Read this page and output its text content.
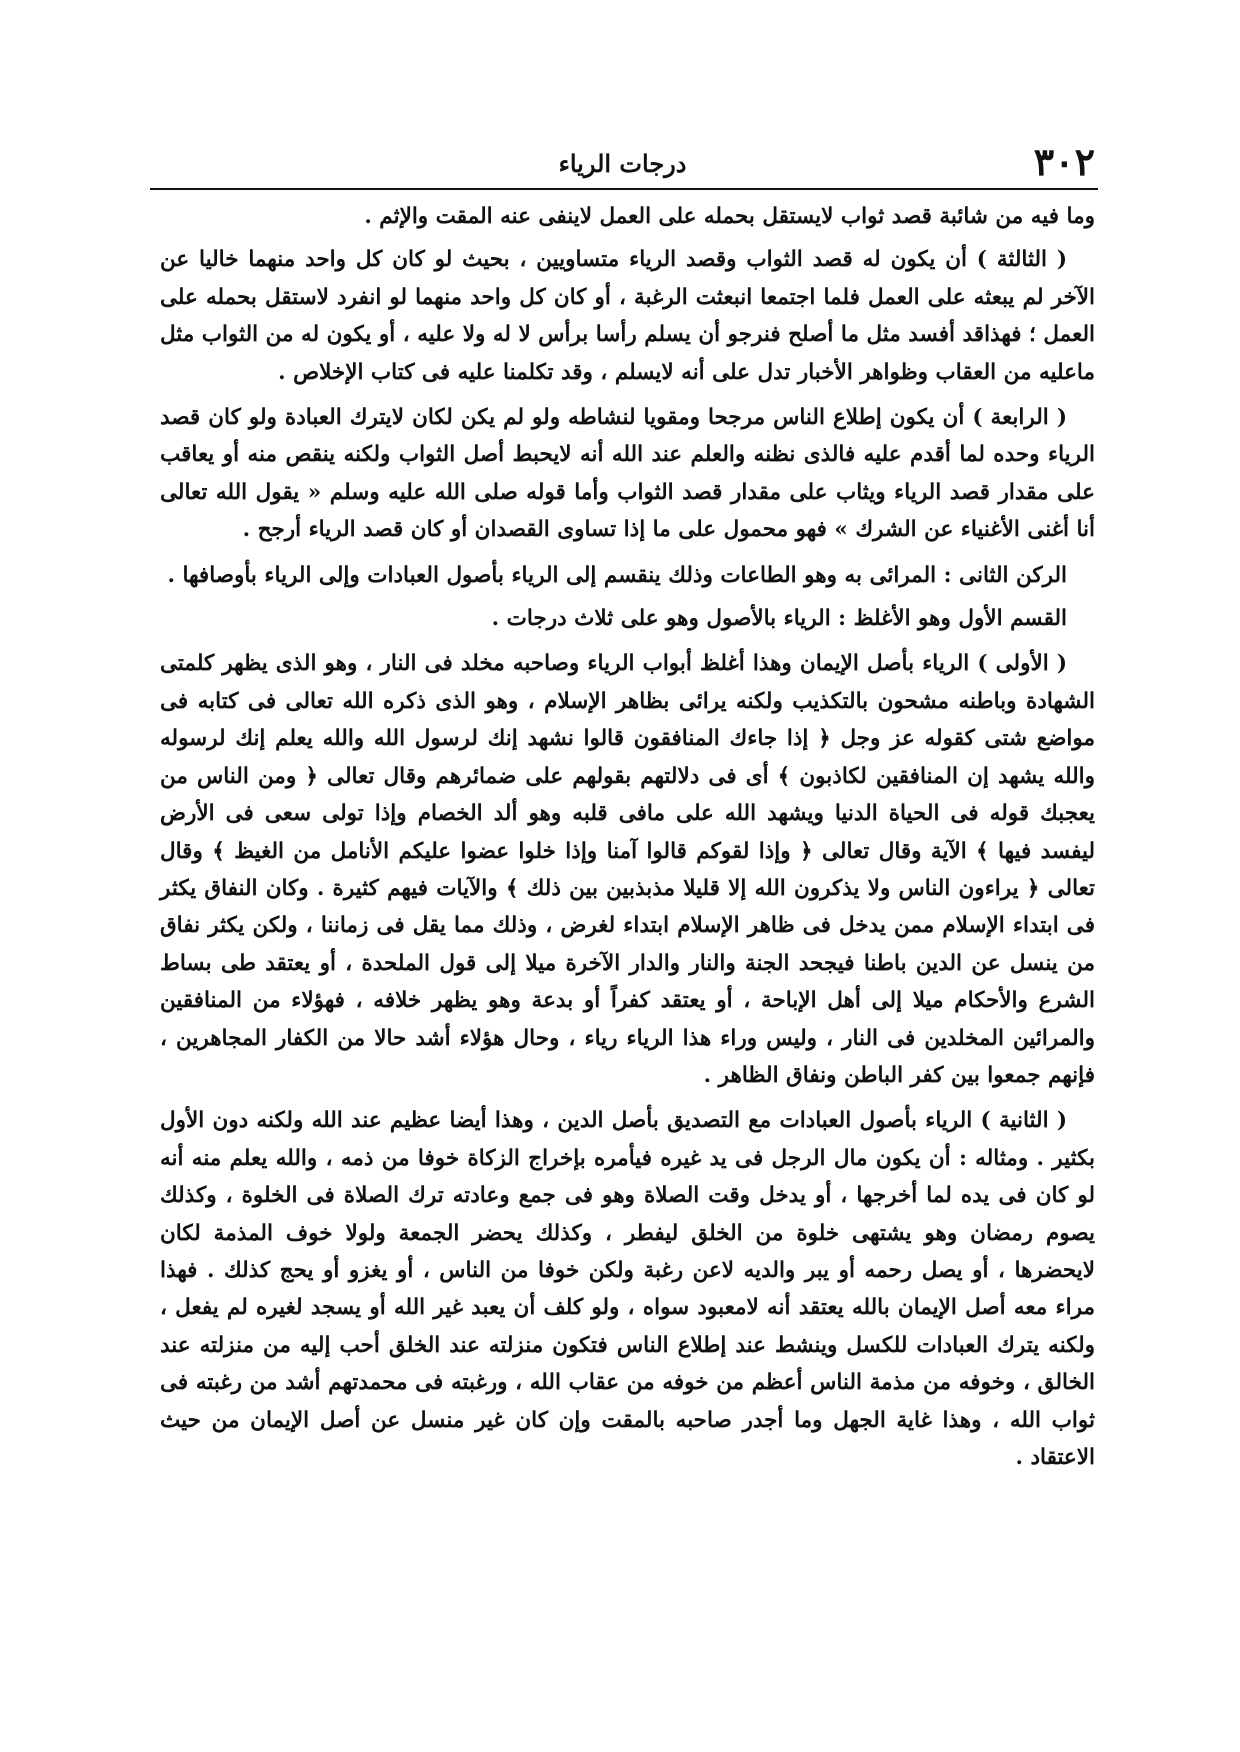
٣٠٢
درجات الرياء

وما فيه من شائبة قصد ثواب لايستقل بحمله على العمل لاينفى عنه المقت والإثم .

( الثالثة ) أن يكون له قصد الثواب وقصد الرياء متساويين ، بحيث لو كان كل واحد منهما خاليا عن الآخر لم يبعثه على العمل فلما اجتمعا انبعثت الرغبة ، أو كان كل واحد منهما لو انفرد لاستقل بحمله على العمل ؛ فهذاقد أفسد مثل ما أصلح فنرجو أن يسلم رأسا برأس لا له ولا عليه ، أو يكون له من الثواب مثل ماعليه من العقاب وظواهر الأخبار تدل على أنه لايسلم ، وقد تكلمنا عليه فى كتاب الإخلاص .

( الرابعة ) أن يكون إطلاع الناس مرجحا ومقويا لنشاطه ولو لم يكن لكان لايترك العبادة ولو كان قصد الرياء وحده لما أقدم عليه فالذى نظنه والعلم عند الله أنه لايحبط أصل الثواب ولكنه ينقص منه أو يعاقب على مقدار قصد الرياء ويثاب على مقدار قصد الثواب وأما قوله صلى الله عليه وسلم « يقول الله تعالى أنا أغنى الأغنياء عن الشرك » فهو محمول على ما إذا تساوى القصدان أو كان قصد الرياء أرجح .

الركن الثانى : المرائى به وهو الطاعات وذلك ينقسم إلى الرياء بأصول العبادات وإلى الرياء بأوصافها .

القسم الأول وهو الأغلظ : الرياء بالأصول وهو على ثلاث درجات .

( الأولى ) الرياء بأصل الإيمان وهذا أغلظ أبواب الرياء وصاحبه مخلد فى النار ، وهو الذى يظهر كلمتى الشهادة وباطنه مشحون بالتكذيب ولكنه يرائى بظاهر الإسلام ، وهو الذى ذكره الله تعالى فى كتابه فى مواضع شتى كقوله عز وجل ﴿ إذا جاءك المنافقون قالوا نشهد إنك لرسول الله والله يعلم إنك لرسوله والله يشهد إن المنافقين لكاذبون ﴾ أى فى دلالتهم بقولهم على ضمائرهم وقال تعالى ﴿ ومن الناس من يعجبك قوله فى الحياة الدنيا ويشهد الله على مافى قلبه وهو ألد الخصام وإذا تولى سعى فى الأرض ليفسد فيها ﴾ الآية وقال تعالى ﴿ وإذا لقوكم قالوا آمنا وإذا خلوا عضوا عليكم الأنامل من الغيظ ﴾ وقال تعالى ﴿ يراءون الناس ولا يذكرون الله إلا قليلا مذبذبين بين ذلك ﴾ والآيات فيهم كثيرة . وكان النفاق يكثر فى ابتداء الإسلام ممن يدخل فى ظاهر الإسلام ابتداء لغرض ، وذلك مما يقل فى زماننا ، ولكن يكثر نفاق من ينسل عن الدين باطنا فيجحد الجنة والنار والدار الآخرة ميلا إلى قول الملحدة ، أو يعتقد طى بساط الشرع والأحكام ميلا إلى أهل الإباحة ، أو يعتقد كفراً أو بدعة وهو يظهر خلافه ، فهؤلاء من المنافقين والمرائين المخلدين فى النار ، وليس وراء هذا الرياء رياء ، وحال هؤلاء أشد حالا من الكفار المجاهرين ، فإنهم جمعوا بين كفر الباطن ونفاق الظاهر .

( الثانية ) الرياء بأصول العبادات مع التصديق بأصل الدين ، وهذا أيضا عظيم عند الله ولكنه دون الأول بكثير . ومثاله : أن يكون مال الرجل فى يد غيره فيأمره بإخراج الزكاة خوفا من ذمه ، والله يعلم منه أنه لو كان فى يده لما أخرجها ، أو يدخل وقت الصلاة وهو فى جمع وعادته ترك الصلاة فى الخلوة ، وكذلك يصوم رمضان وهو يشتهى خلوة من الخلق ليفطر ، وكذلك يحضر الجمعة ولولا خوف المذمة لكان لايحضرها ، أو يصل رحمه أو يبر والديه لاعن رغبة ولكن خوفا من الناس ، أو يغزو أو يحج كذلك . فهذا مراء معه أصل الإيمان بالله يعتقد أنه لامعبود سواه ، ولو كلف أن يعبد غير الله أو يسجد لغيره لم يفعل ، ولكنه يترك العبادات للكسل وينشط عند إطلاع الناس فتكون منزلته عند الخلق أحب إليه من منزلته عند الخالق ، وخوفه من مذمة الناس أعظم من خوفه من عقاب الله ، ورغبته فى محمدتهم أشد من رغبته فى ثواب الله ، وهذا غاية الجهل وما أجدر صاحبه بالمقت وإن كان غير منسل عن أصل الإيمان من حيث الاعتقاد .
